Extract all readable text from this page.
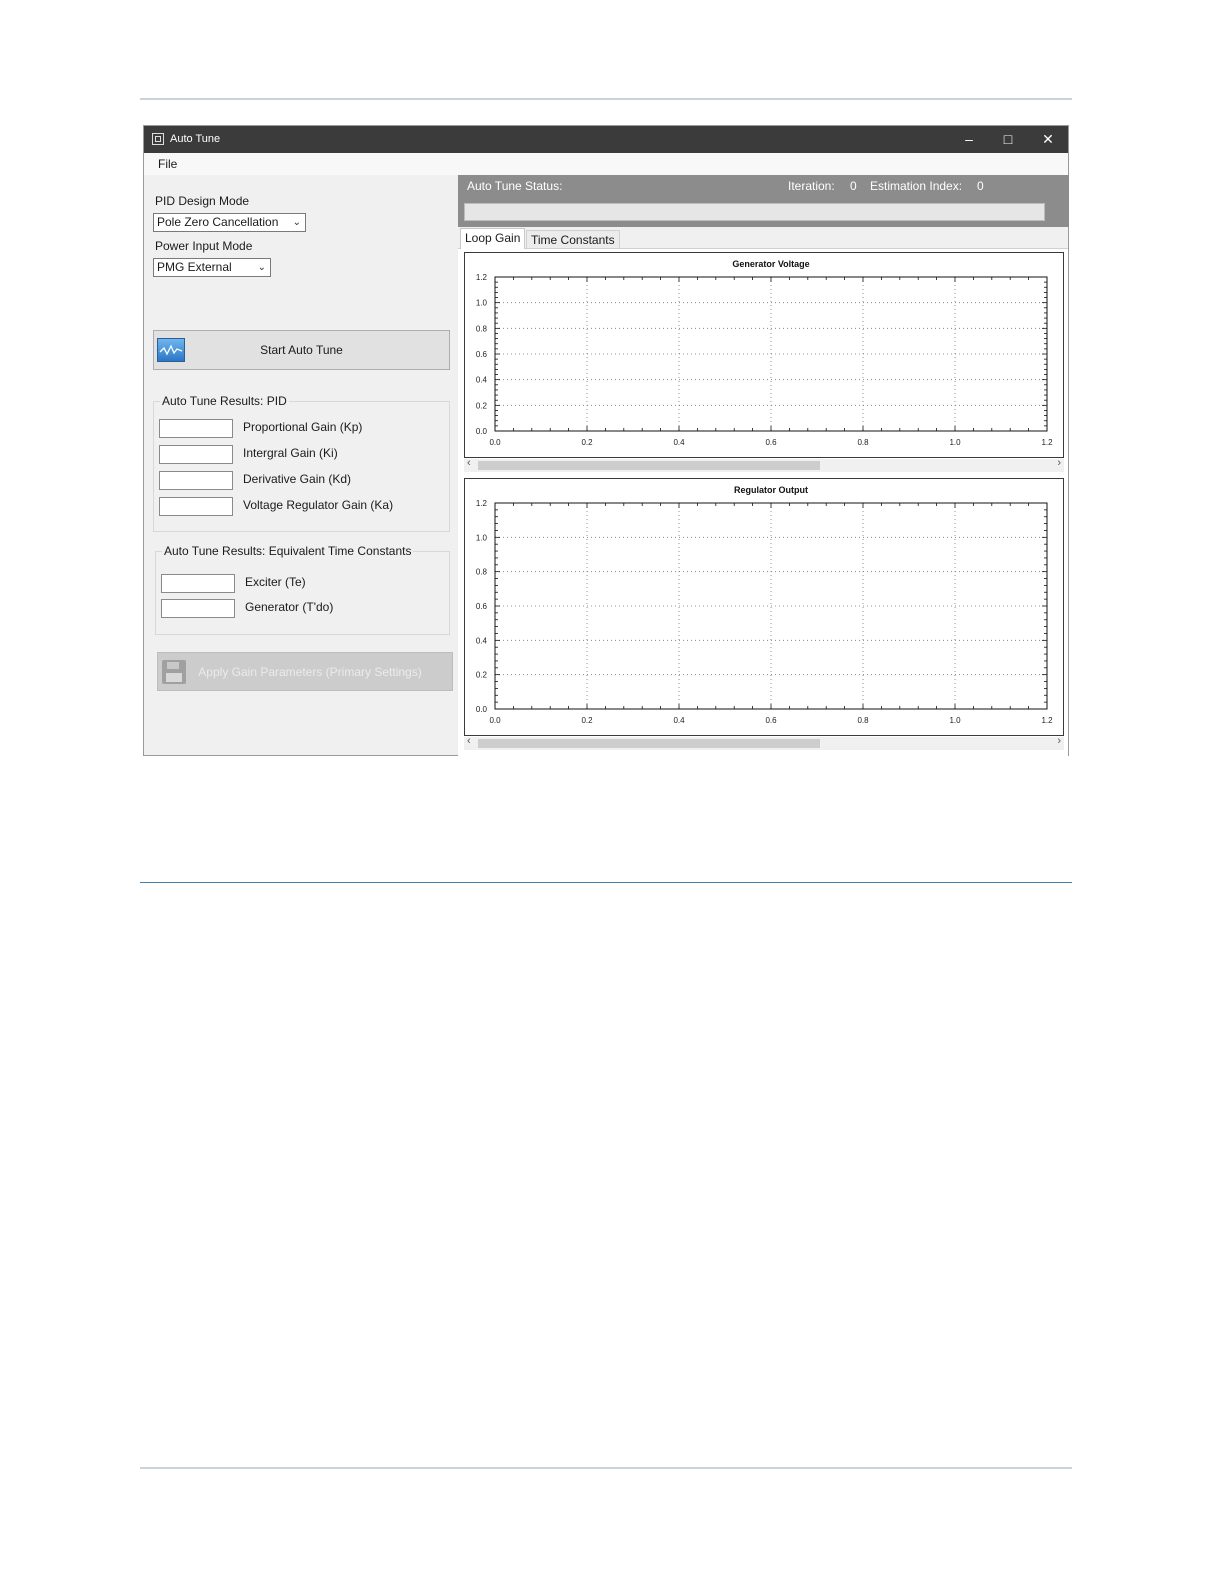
Auto Tune	–	□	✕
File
PID Design Mode
Pole Zero Cancellation ⌄
Power Input Mode
PMG External	⌄
Start Auto Tune
Auto Tune Results: PID
Proportional Gain (Kp)
Intergral Gain (Ki)
Derivative Gain (Kd)
Voltage Regulator Gain (Ka)
Auto Tune Results: Equivalent Time Constants
Exciter (Te)
Generator (T'do)
Apply Gain Parameters (Primary Settings)
Auto Tune Status:	Iteration: 0 Estimation Index: 0
Loop Gain Time Constants
Generator Voltage
0.0	0.2	0.4	0.6	0.8	1.0	1.2
0.0
0.2
0.4
0.6
0.8
1.0
1.2
‹	›
Regulator Output
0.0	0.2	0.4	0.6	0.8	1.0	1.2
0.0
0.2
0.4
0.6
0.8
1.0
1.2
‹	›
